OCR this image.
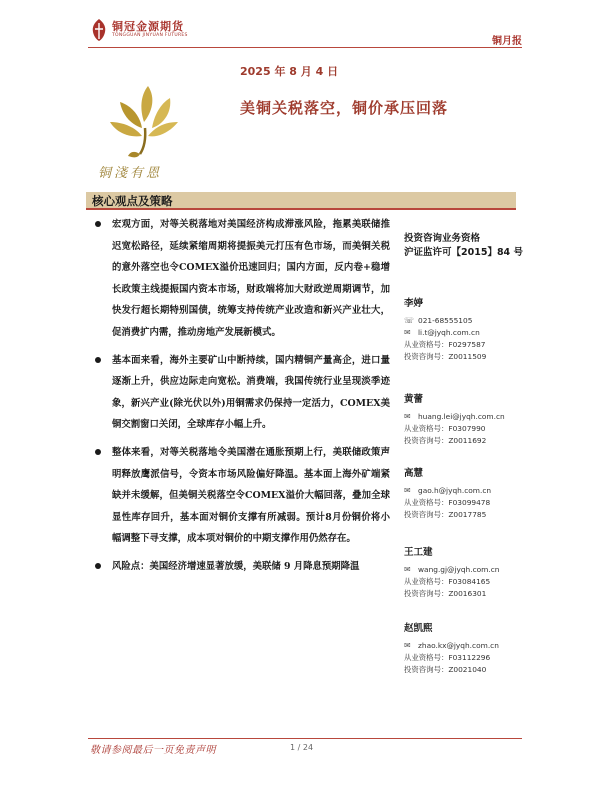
铜冠金源期货
TONGGUAN JINYUAN FUTURES
铜月报
铜淺有恩
2025 年 8 月 4 日
美铜关税落空，铜价承压回落
核心观点及策略

宏观方面，对等关税落地对美国经济构成滞涨风险，拖累美联储推迟宽松路径，延续紧缩周期将提振美元打压有色市场，而美铜关税的意外落空也令COMEX溢价迅速回归；国内方面，反内卷+稳增长政策主线提振国内资本市场，财政端将加大财政逆周期调节，加快发行超长期特别国债，统筹支持传统产业改造和新兴产业壮大，促消费扩内需，推动房地产发展新模式。

基本面来看，海外主要矿山中断持续，国内精铜产量高企，进口量逐渐上升，供应边际走向宽松。消费端，我国传统行业呈现淡季迹象，新兴产业(除光伏以外)用铜需求仍保持一定活力，COMEX美铜交割窗口关闭，全球库存小幅上升。

整体来看，对等关税落地令美国潜在通胀预期上行，美联储政策声明释放鹰派信号，令资本市场风险偏好降温。基本面上海外矿端紧缺并未缓解，但美铜关税落空令COMEX溢价大幅回落，叠加全球显性库存回升，基本面对铜价支撑有所减弱。预计8月份铜价将小幅调整下寻支撑，成本项对铜价的中期支撑作用仍然存在。

风险点：美国经济增速显著放缓，美联储 9 月降息预期降温

投资咨询业务资格
沪证监许可【2015】84 号
李婷
☏ 021-68555105
✉ li.t@jyqh.com.cn
从业资格号：F0297587
投资咨询号：Z0011509
黄蕾
✉ huang.lei@jyqh.com.cn
从业资格号：F0307990
投资咨询号：Z0011692
高慧
✉ gao.h@jyqh.com.cn
从业资格号：F03099478
投资咨询号：Z0017785
王工建
✉ wang.gj@jyqh.com.cn
从业资格号：F03084165
投资咨询号：Z0016301
赵凯熙
✉ zhao.kx@jyqh.com.cn
从业资格号：F03112296
投资咨询号：Z0021040
敬请参阅最后一页免责声明	1 / 24
